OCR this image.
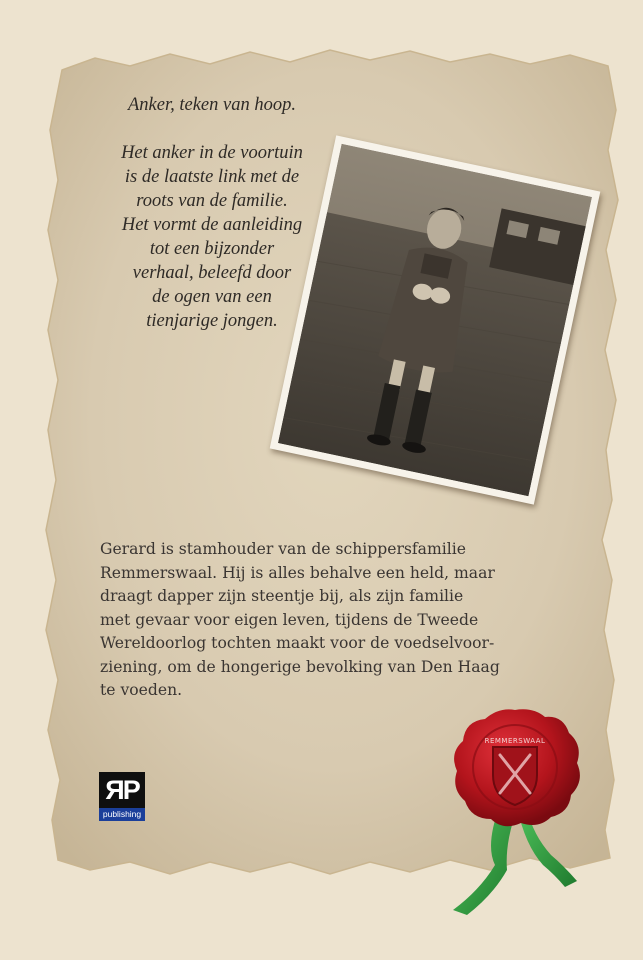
Anker, teken van hoop.

Het anker in de voortuin

is de laatste link met de

roots van de familie.

Het vormt de aanleiding

tot een bijzonder

verhaal, beleefd door

de ogen van een

tienjarige jongen.

Gerard is stamhouder van de schippersfamilie
Remmerswaal. Hij is alles behalve een held, maar
draagt dapper zijn steentje bij, als zijn familie
met gevaar voor eigen leven, tijdens de Tweede
Wereldoorlog tochten maakt voor de voedselvoor-
ziening, om de hongerige bevolking van Den Haag
te voeden.

ЯP
publishing
REMMERSWAAL
